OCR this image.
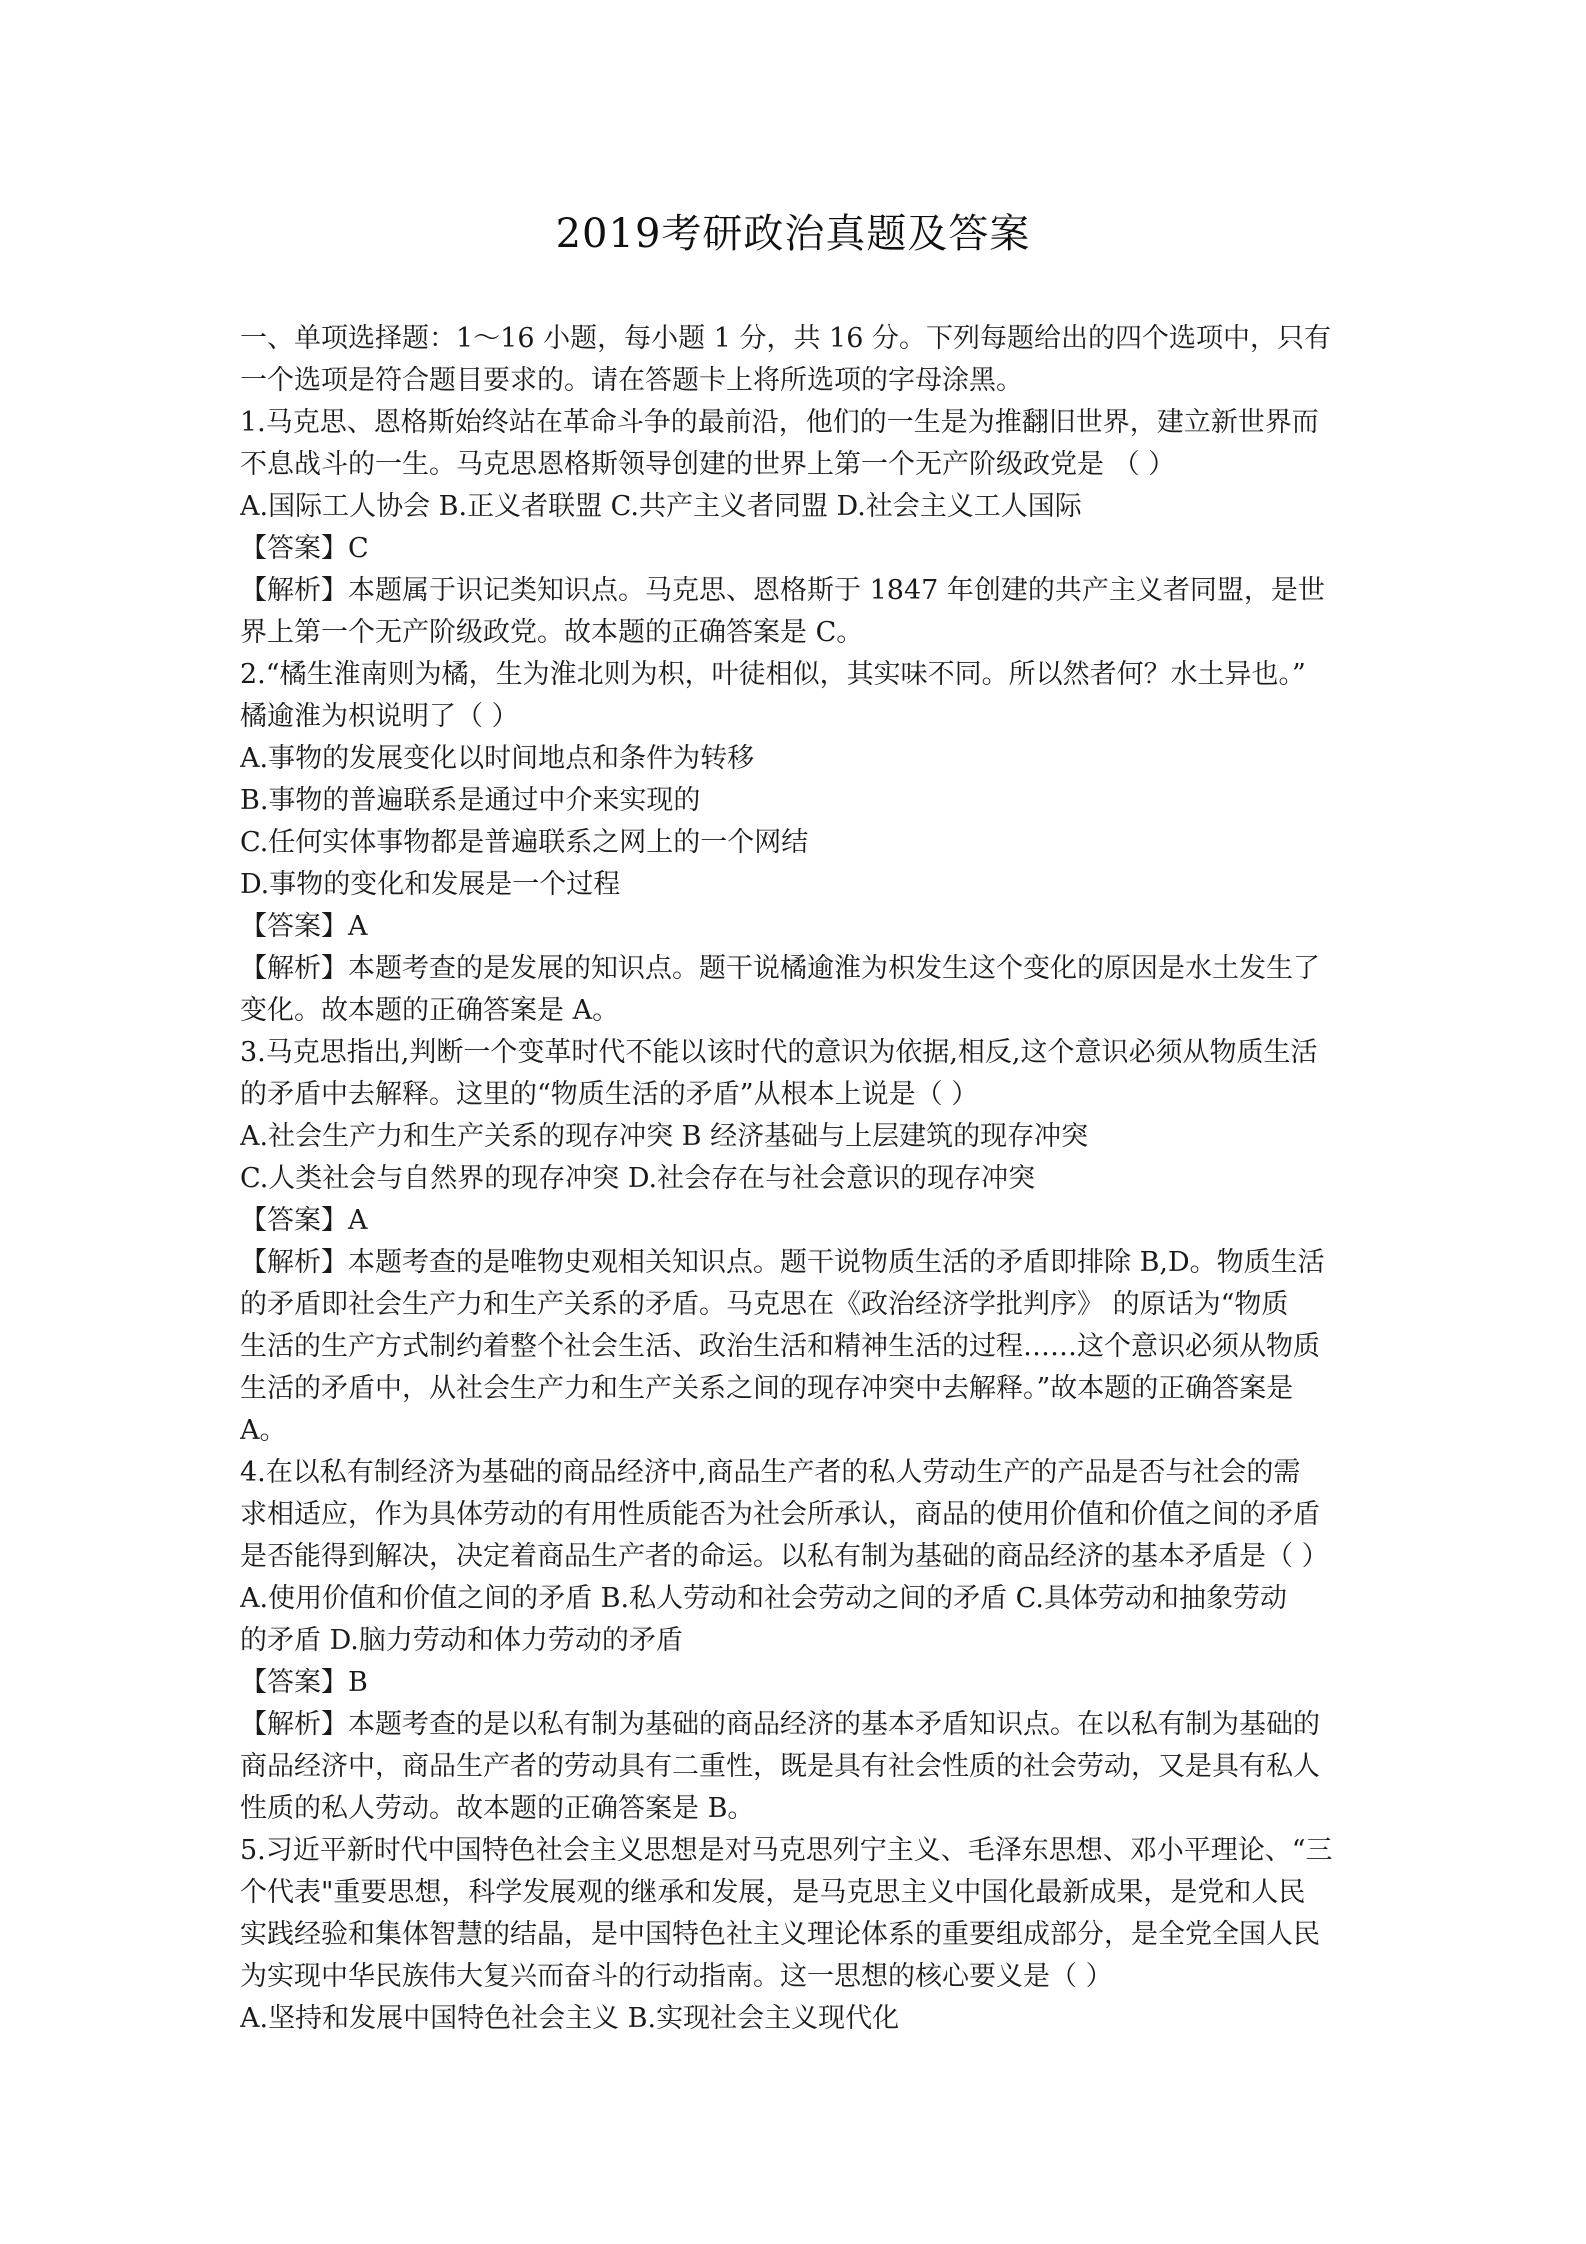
2019考研政治真题及答案
一、单项选择题：1～16 小题，每小题 1 分，共 16 分。下列每题给出的四个选项中，只有
一个选项是符合题目要求的。请在答题卡上将所选项的字母涂黑。
1.马克思、恩格斯始终站在革命斗争的最前沿，他们的一生是为推翻旧世界，建立新世界而
不息战斗的一生。马克思恩格斯领导创建的世界上第一个无产阶级政党是 （ ）
A.国际工人协会 B.正义者联盟 C.共产主义者同盟 D.社会主义工人国际
【答案】C
【解析】本题属于识记类知识点。马克思、恩格斯于 1847 年创建的共产主义者同盟，是世
界上第一个无产阶级政党。故本题的正确答案是 C。
2.“橘生淮南则为橘，生为淮北则为枳，叶徒相似，其实味不同。所以然者何？水土异也。”
橘逾淮为枳说明了（ ）
A.事物的发展变化以时间地点和条件为转移
B.事物的普遍联系是通过中介来实现的
C.任何实体事物都是普遍联系之网上的一个网结
D.事物的变化和发展是一个过程
【答案】A
【解析】本题考查的是发展的知识点。题干说橘逾淮为枳发生这个变化的原因是水土发生了
变化。故本题的正确答案是 A。
3.马克思指出,判断一个变革时代不能以该时代的意识为依据,相反,这个意识必须从物质生活
的矛盾中去解释。这里的“物质生活的矛盾”从根本上说是（ ）
A.社会生产力和生产关系的现存冲突 B 经济基础与上层建筑的现存冲突
C.人类社会与自然界的现存冲突 D.社会存在与社会意识的现存冲突
【答案】A
【解析】本题考查的是唯物史观相关知识点。题干说物质生活的矛盾即排除 B,D。物质生活
的矛盾即社会生产力和生产关系的矛盾。马克思在《政治经济学批判序》 的原话为“物质
生活的生产方式制约着整个社会生活、政治生活和精神生活的过程……这个意识必须从物质
生活的矛盾中，从社会生产力和生产关系之间的现存冲突中去解释。”故本题的正确答案是
A。
4.在以私有制经济为基础的商品经济中,商品生产者的私人劳动生产的产品是否与社会的需
求相适应，作为具体劳动的有用性质能否为社会所承认，商品的使用价值和价值之间的矛盾
是否能得到解决，决定着商品生产者的命运。以私有制为基础的商品经济的基本矛盾是（ ）
A.使用价值和价值之间的矛盾 B.私人劳动和社会劳动之间的矛盾 C.具体劳动和抽象劳动
的矛盾 D.脑力劳动和体力劳动的矛盾
【答案】B
【解析】本题考查的是以私有制为基础的商品经济的基本矛盾知识点。在以私有制为基础的
商品经济中，商品生产者的劳动具有二重性，既是具有社会性质的社会劳动，又是具有私人
性质的私人劳动。故本题的正确答案是 B。
5.习近平新时代中国特色社会主义思想是对马克思列宁主义、毛泽东思想、邓小平理论、“三
个代表"重要思想，科学发展观的继承和发展，是马克思主义中国化最新成果，是党和人民
实践经验和集体智慧的结晶，是中国特色社主义理论体系的重要组成部分，是全党全国人民
为实现中华民族伟大复兴而奋斗的行动指南。这一思想的核心要义是（ ）
A.坚持和发展中国特色社会主义 B.实现社会主义现代化
